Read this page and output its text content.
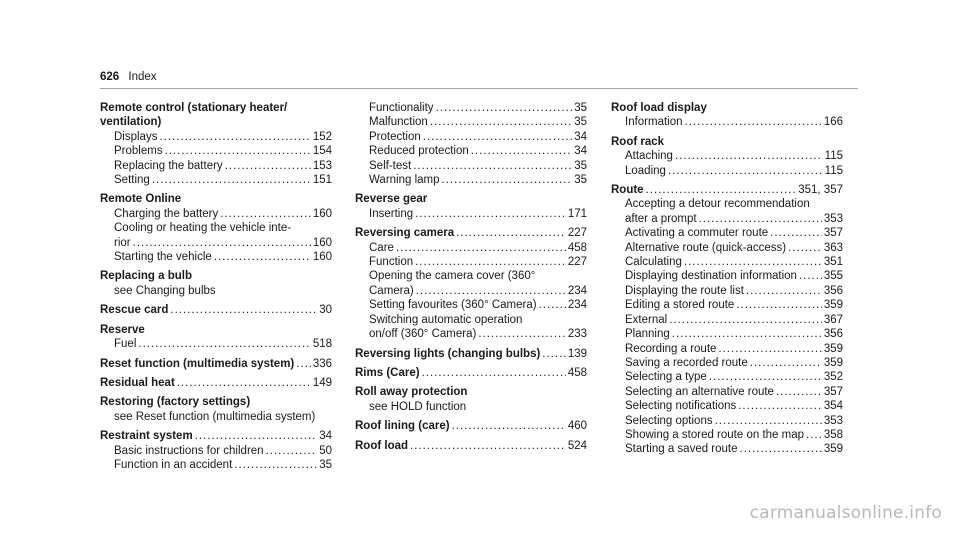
626 Index
Remote control (stationary heater/
ventilation)
Displays .....	152
Problems .....	154
Replacing the battery .....	153
Setting .....	151
Remote Online
Charging the battery .....	160
Cooling or heating the vehicle inte-
rior .....	160
Starting the vehicle .....	160
Replacing a bulb
see Changing bulbs
Rescue card .....	30
Reserve
Fuel .....	518
Reset function (multimedia system) ..... 336
Residual heat .....	149
Restoring (factory settings)
see Reset function (multimedia system)
Restraint system .....	34
Basic instructions for children .....	50
Function in an accident .....	35
Functionality .....	35
Malfunction .....	35
Protection .....	34
Reduced protection .....	34
Self-test .....	35
Warning lamp .....	35
Reverse gear
Inserting .....	171
Reversing camera .....	227
Care .....	458
Function .....	227
Opening the camera cover (360°
Camera) .....	234
Setting favourites (360° Camera) .....	234
Switching automatic operation
on/off (360° Camera) .....	233
Reversing lights (changing bulbs) ..... 139
Rims (Care) .....	458
Roll away protection
see HOLD function
Roof lining (care) .....	460
Roof load .....	524
Roof load display
Information .....	166
Roof rack
Attaching .....	115
Loading .....	115
Route .....	351, 357
Accepting a detour recommendation
after a prompt .....	353
Activating a commuter route .....	357
Alternative route (quick-access) .....	363
Calculating .....	351
Displaying destination information ..... 355
Displaying the route list .....	356
Editing a stored route .....	359
External .....	367
Planning .....	356
Recording a route .....	359
Saving a recorded route .....	359
Selecting a type .....	352
Selecting an alternative route .....	357
Selecting notifications .....	354
Selecting options .....	353
Showing a stored route on the map ..... 358
Starting a saved route .....	359
carmanualsonline.info
